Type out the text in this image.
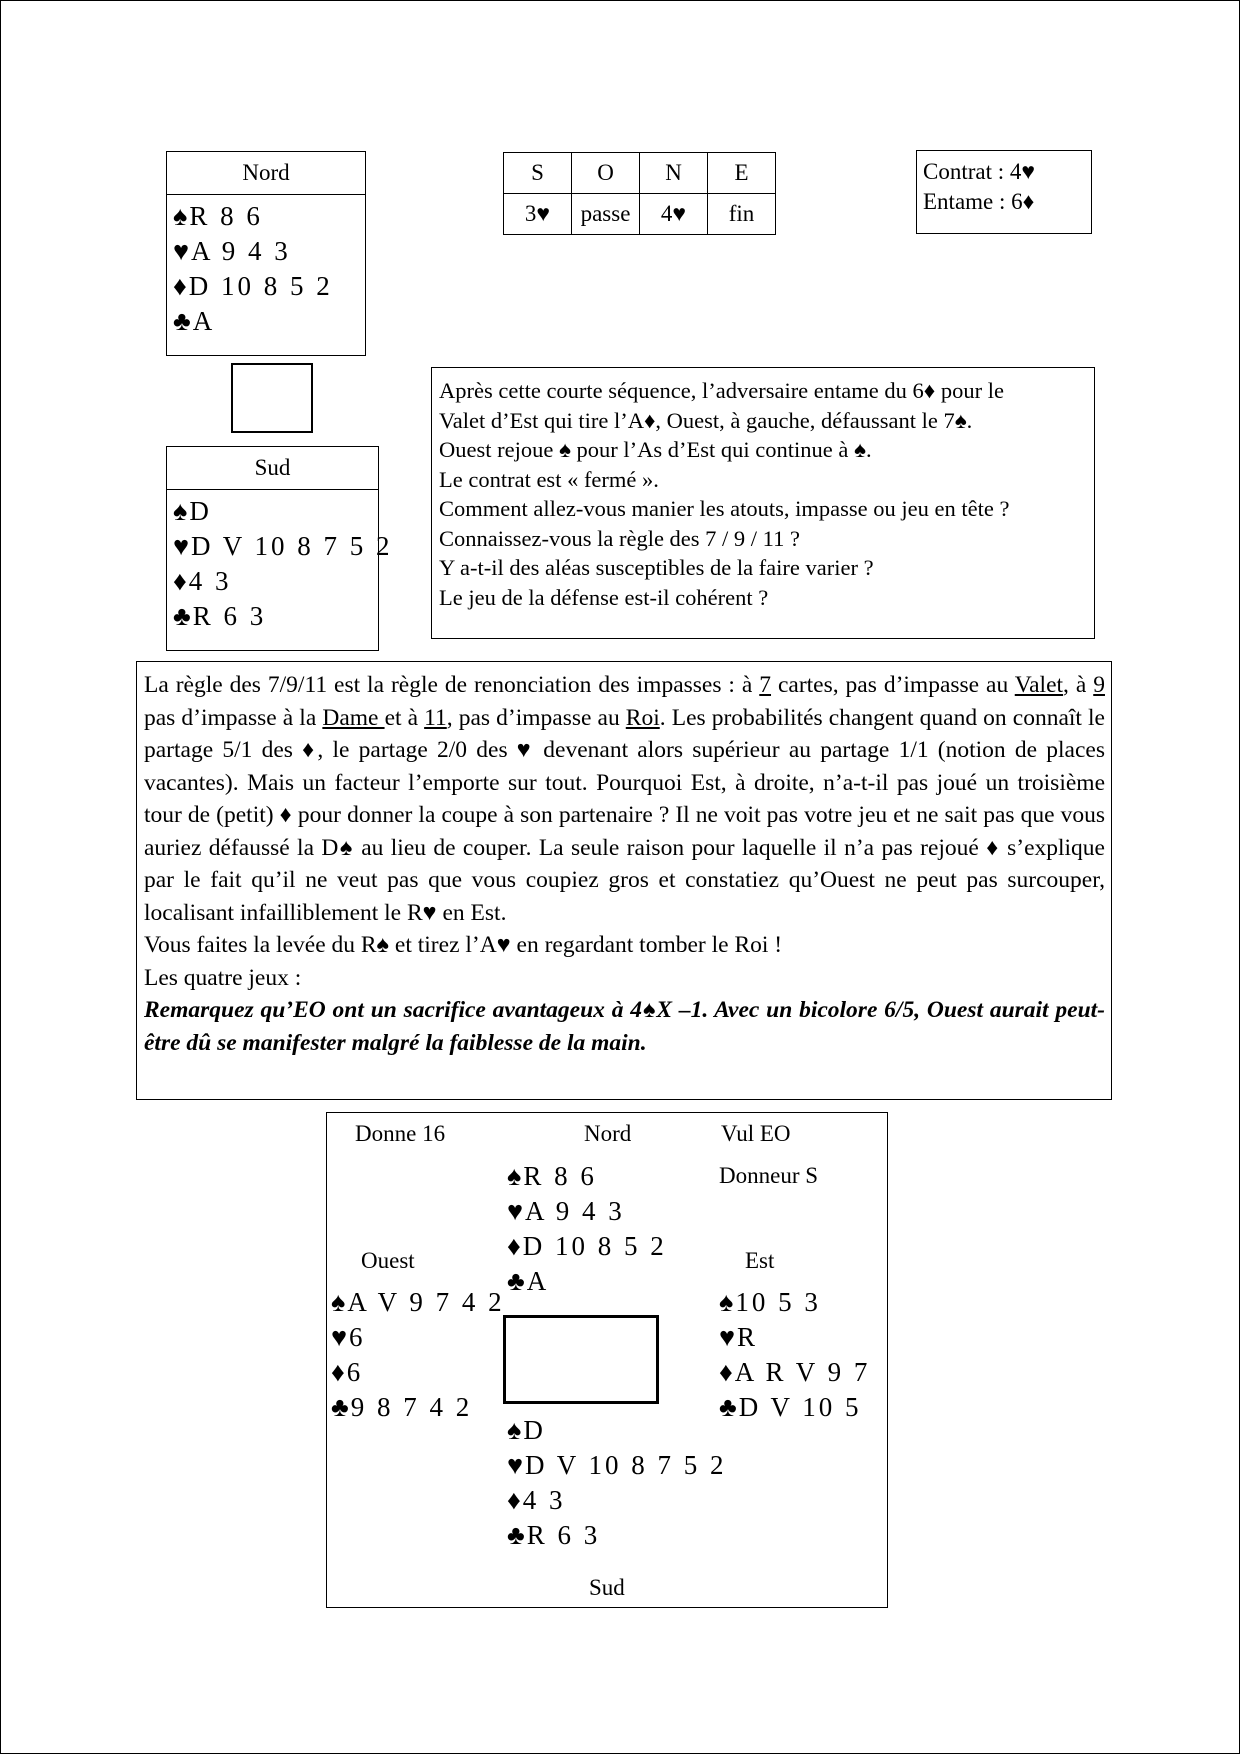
Nord
♠R 8 6
♥A 9 4 3
♦D 10 8 5 2
♣A
Sud
♠D
♥D V 10 8 7 5 2
♦4 3
♣R 6 3
S	O	N	E
3♥	passe	4♥	fin
Contrat : 4♥
Entame : 6♦
Après cette courte séquence, l’adversaire entame du 6♦ pour le
Valet d’Est qui tire l’A♦, Ouest, à gauche, défaussant le 7♠.
Ouest rejoue ♠ pour l’As d’Est qui continue à ♠.
Le contrat est « fermé ».
Comment allez-vous manier les atouts, impasse ou jeu en tête ?
Connaissez-vous la règle des 7 / 9 / 11 ?
Y a-t-il des aléas susceptibles de la faire varier ?
Le jeu de la défense est-il cohérent ?

La règle des 7/9/11 est la règle de renonciation des impasses : à 7 cartes, pas d’impasse au Valet, à 9 pas d’impasse à la Dame et à 11, pas d’impasse au Roi. Les probabilités changent quand on connaît le partage 5/1 des ♦, le partage 2/0 des ♥ devenant alors supérieur au partage 1/1 (notion de places vacantes). Mais un facteur l’emporte sur tout. Pourquoi Est, à droite, n’a-t-il pas joué un troisième tour de (petit) ♦ pour donner la coupe à son partenaire ? Il ne voit pas votre jeu et ne sait pas que vous auriez défaussé la D♠ au lieu de couper. La seule raison pour laquelle il n’a pas rejoué ♦ s’explique par le fait qu’il ne veut pas que vous coupiez gros et constatiez qu’Ouest ne peut pas surcouper, localisant infailliblement le R♥ en Est.

Vous faites la levée du R♠ et tirez l’A♥ en regardant tomber le Roi !

Les quatre jeux :

Remarquez qu’EO ont un sacrifice avantageux à 4♠X –1. Avec un bicolore 6/5, Ouest aurait peut-être dû se manifester malgré la faiblesse de la main.

Donne 16	Nord	Vul EO
Donneur S
Ouest	Est
Sud
♠R 8 6
♥A 9 4 3
♦D 10 8 5 2
♣A
♠A V 9 7 4 2
♥6
♦6
♣9 8 7 4 2
♠10 5 3
♥R
♦A R V 9 7
♣D V 10 5
♠D
♥D V 10 8 7 5 2
♦4 3
♣R 6 3
